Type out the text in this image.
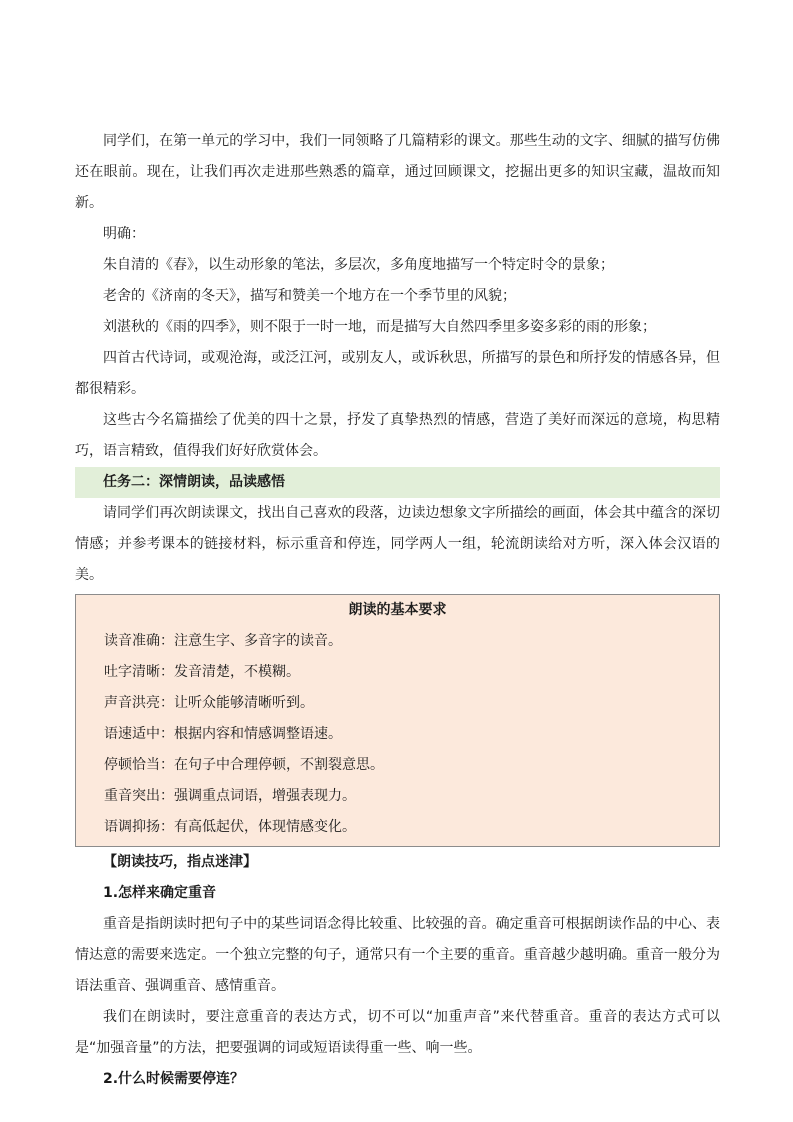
同学们，在第一单元的学习中，我们一同领略了几篇精彩的课文。那些生动的文字、细腻的描写仿佛还在眼前。现在，让我们再次走进那些熟悉的篇章，通过回顾课文，挖掘出更多的知识宝藏，温故而知新。

明确：

朱自清的《春》，以生动形象的笔法，多层次，多角度地描写一个特定时令的景象；

老舍的《济南的冬天》，描写和赞美一个地方在一个季节里的风貌；

刘湛秋的《雨的四季》，则不限于一时一地，而是描写大自然四季里多姿多彩的雨的形象；

四首古代诗词，或观沧海，或泛江河，或别友人，或诉秋思，所描写的景色和所抒发的情感各异，但都很精彩。

这些古今名篇描绘了优美的四十之景，抒发了真挚热烈的情感，营造了美好而深远的意境，构思精巧，语言精致，值得我们好好欣赏体会。

任务二：深情朗读，品读感悟

请同学们再次朗读课文，找出自己喜欢的段落，边读边想象文字所描绘的画面，体会其中蕴含的深切情感；并参考课本的链接材料，标示重音和停连，同学两人一组，轮流朗读给对方听，深入体会汉语的美。

朗读的基本要求
读音准确：注意生字、多音字的读音。
吐字清晰：发音清楚，不模糊。
声音洪亮：让听众能够清晰听到。
语速适中：根据内容和情感调整语速。
停顿恰当：在句子中合理停顿，不割裂意思。
重音突出：强调重点词语，增强表现力。
语调抑扬：有高低起伏，体现情感变化。
【朗读技巧，指点迷津】
1.怎样来确定重音

重音是指朗读时把句子中的某些词语念得比较重、比较强的音。确定重音可根据朗读作品的中心、表情达意的需要来选定。一个独立完整的句子，通常只有一个主要的重音。重音越少越明确。重音一般分为语法重音、强调重音、感情重音。

我们在朗读时，要注意重音的表达方式，切不可以“加重声音”来代替重音。重音的表达方式可以是“加强音量”的方法，把要强调的词或短语读得重一些、响一些。

2.什么时候需要停连？
